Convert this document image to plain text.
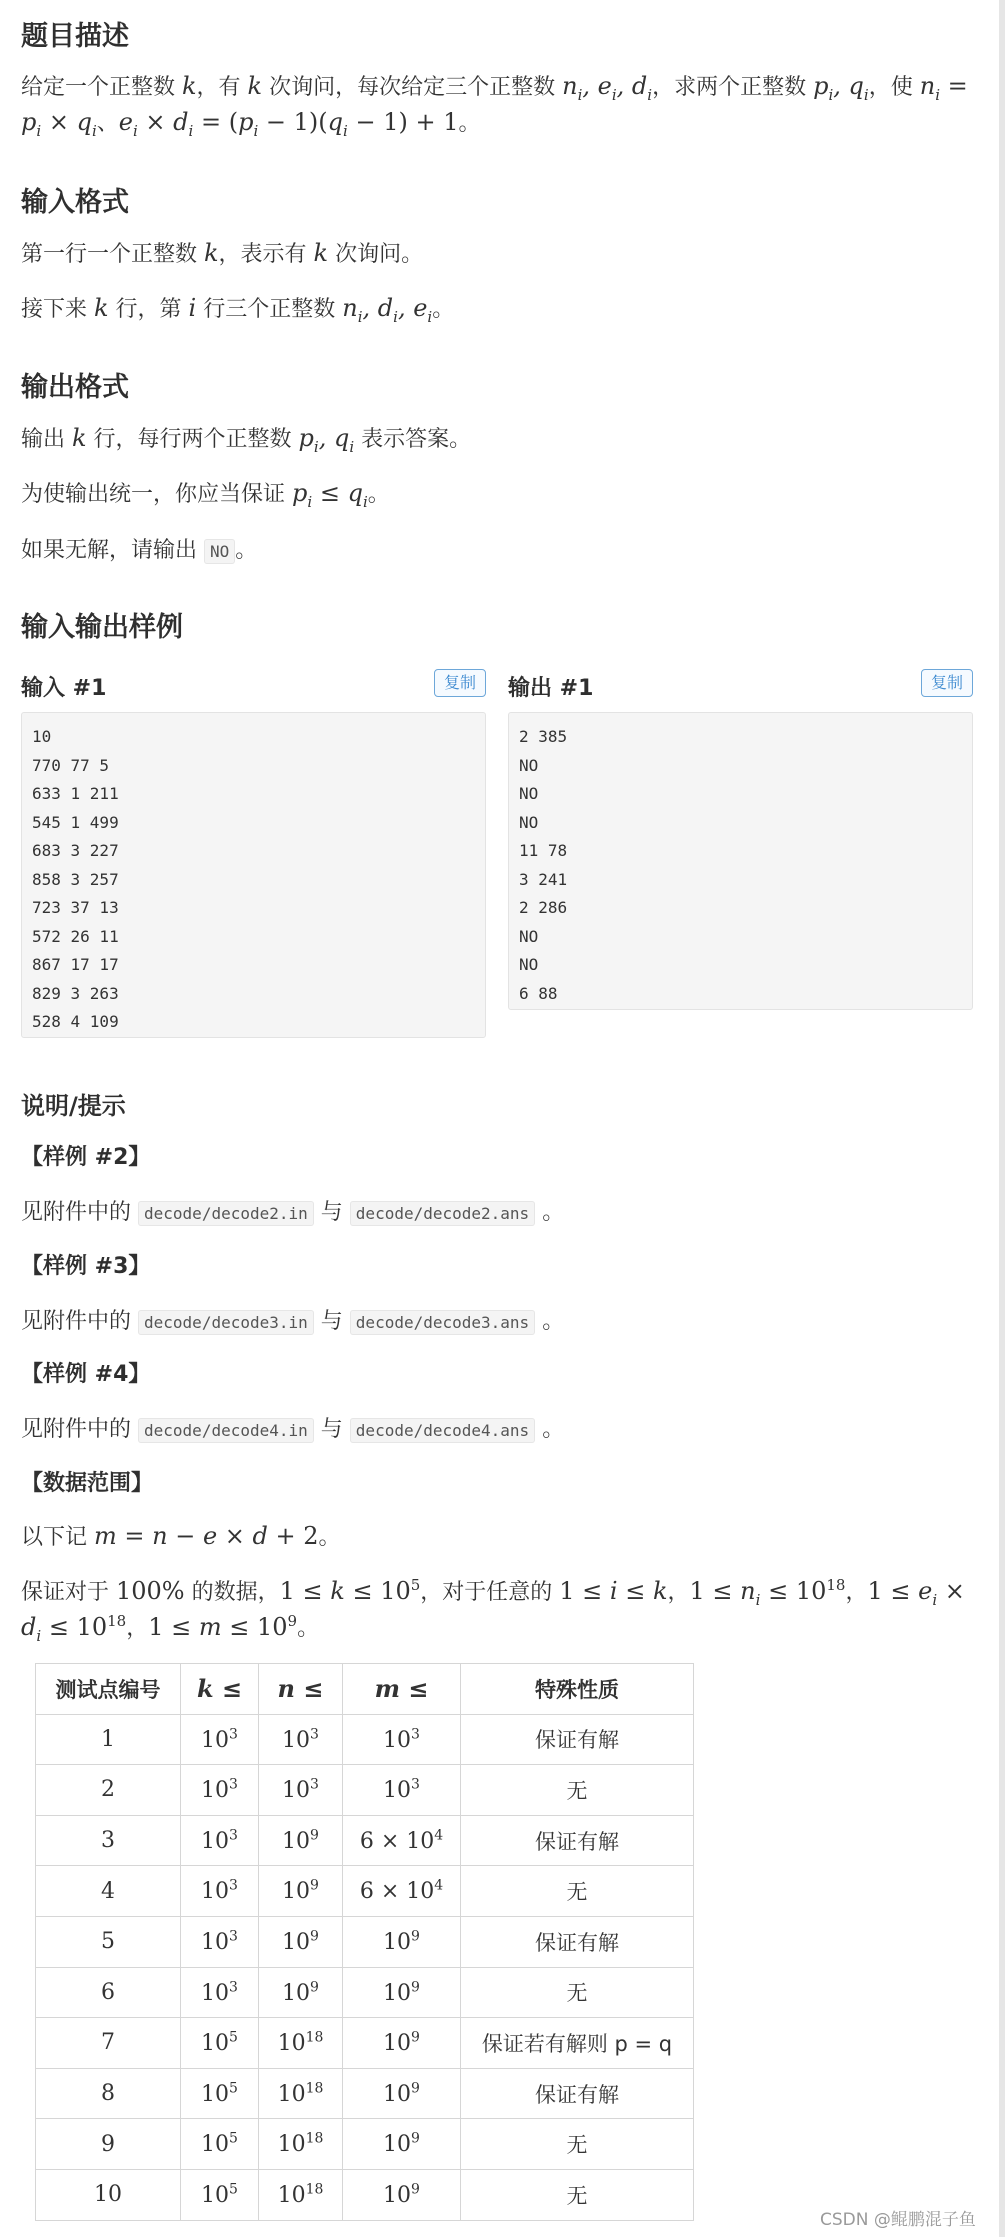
题目描述
给定一个正整数 k，有 k 次询问，每次给定三个正整数 $n_i$, $e_i$, $d_i$，求两个正整数 $p_i$, $q_i$，使 $n_i$ =
$p_i \times q_i$、$e_i \times d_i = (p_i - 1)(q_i - 1) + 1$。
输入格式
第一行一个正整数 k，表示有 k 次询问。
接下来 k 行，第 i 行三个正整数 $n_i$, $d_i$, $e_i$。
输出格式
输出 k 行，每行两个正整数 $p_i$, $q_i$ 表示答案。
为使输出统一，你应当保证 $p_i \le q_i$。
如果无解，请输出 NO 。
输入输出样例
输入 #1	复制
10
770 77 5
633 1 211
545 1 499
683 3 227
858 3 257
723 37 13
572 26 11
867 17 17
829 3 263
528 4 109
输出 #1	复制
2 385
NO
NO
NO
11 78
3 241
2 286
NO
NO
6 88
说明/提示
【样例 #2】
见附件中的 decode/decode2.in 与 decode/decode2.ans 。
【样例 #3】
见附件中的 decode/decode3.in 与 decode/decode3.ans 。
【样例 #4】
见附件中的 decode/decode4.in 与 decode/decode4.ans 。
【数据范围】
以下记 m = n − e × d + 2。
保证对于 100% 的数据，$1 \le k \le 10^5$，对于任意的 1 ≤ i ≤ k，$1 \le n_i \le 10^{18}$，$1 \le e_i$ ×
$d_i \le 10^{18}$，$1 \le m \le 10^9$。
测试点编号	k ≤	n ≤	m ≤	特殊性质
1	$10^3$	$10^3$	$10^3$	保证有解
2	$10^3$	$10^3$	$10^3$	无
3	$10^3$	$10^9$	$6 \times 10^4$	保证有解
4	$10^3$	$10^9$	$6 \times 10^4$	无
5	$10^3$	$10^9$	$10^9$	保证有解
6	$10^3$	$10^9$	$10^9$	无
7	$10^5$	$10^{18}$	$10^9$	保证若有解则 p = q
8	$10^5$	$10^{18}$	$10^9$	保证有解
9	$10^5$	$10^{18}$	$10^9$	无
10	$10^5$	$10^{18}$	$10^9$	无
CSDN @鲲鹏混子鱼
